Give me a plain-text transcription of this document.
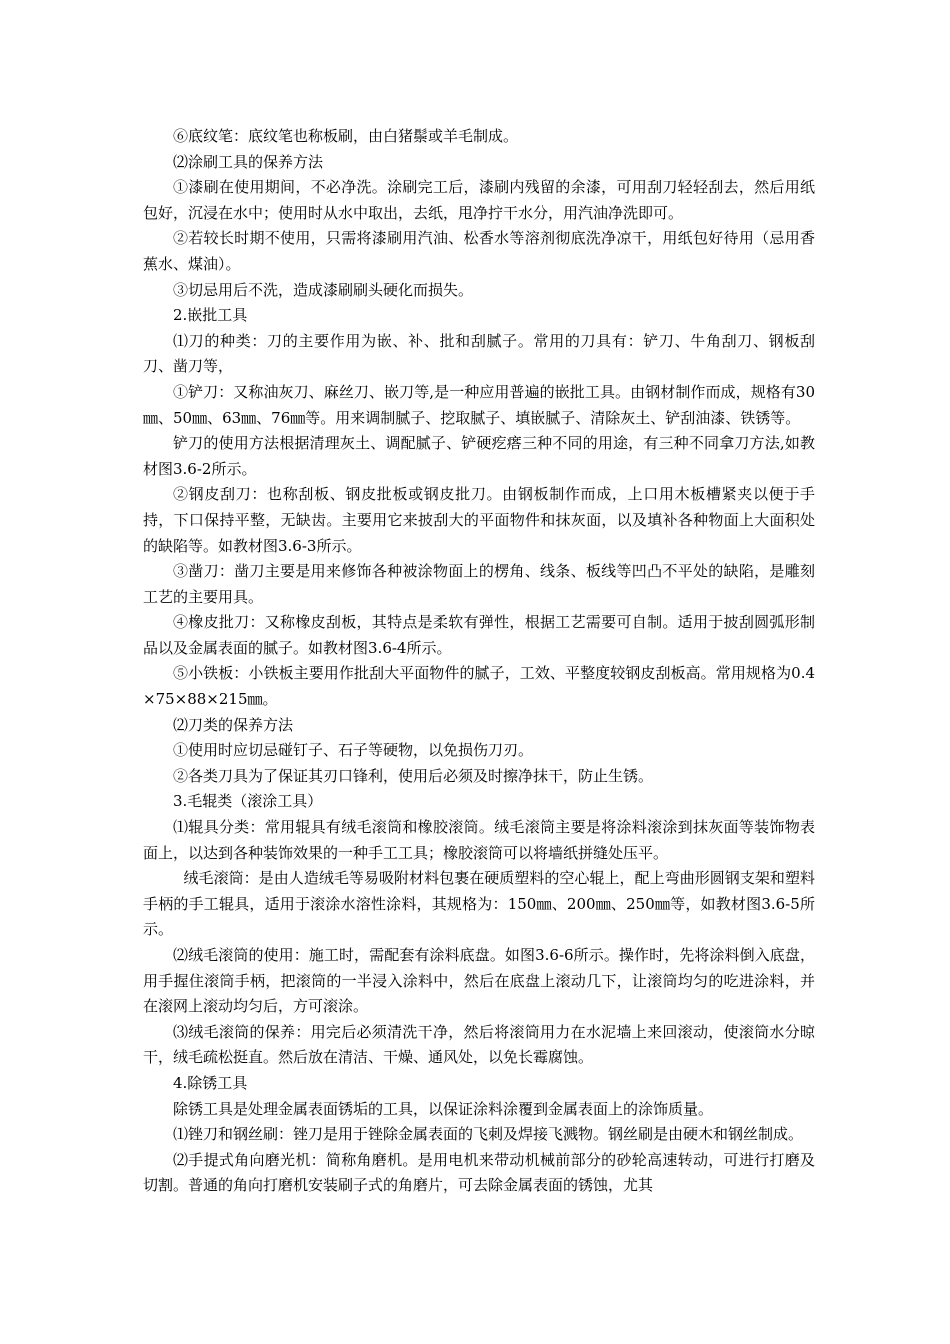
⑥底纹笔：底纹笔也称板刷，由白猪鬃或羊毛制成。

⑵涂刷工具的保养方法

①漆刷在使用期间，不必净洗。涂刷完工后，漆刷内残留的余漆，可用刮刀轻轻刮去，然后用纸包好，沉浸在水中；使用时从水中取出，去纸，甩净拧干水分，用汽油净洗即可。

②若较长时期不使用，只需将漆刷用汽油、松香水等溶剂彻底洗净凉干，用纸包好待用（忌用香蕉水、煤油）。

③切忌用后不洗，造成漆刷刷头硬化而损失。

2.嵌批工具

⑴刀的种类：刀的主要作用为嵌、补、批和刮腻子。常用的刀具有：铲刀、牛角刮刀、钢板刮刀、凿刀等，

①铲刀：又称油灰刀、麻丝刀、嵌刀等,是一种应用普遍的嵌批工具。由钢材制作而成，规格有30㎜、50㎜、63㎜、76㎜等。用来调制腻子、挖取腻子、填嵌腻子、清除灰土、铲刮油漆、铁锈等。

铲刀的使用方法根据清理灰土、调配腻子、铲硬疙瘩三种不同的用途，有三种不同拿刀方法,如教材图3.6-2所示。

②钢皮刮刀：也称刮板、钢皮批板或钢皮批刀。由钢板制作而成，上口用木板槽紧夹以便于手持，下口保持平整，无缺齿。主要用它来披刮大的平面物件和抹灰面，以及填补各种物面上大面积处的缺陷等。如教材图3.6-3所示。

③凿刀：凿刀主要是用来修饰各种被涂物面上的楞角、线条、板线等凹凸不平处的缺陷，是雕刻工艺的主要用具。

④橡皮批刀：又称橡皮刮板，其特点是柔软有弹性，根据工艺需要可自制。适用于披刮圆弧形制品以及金属表面的腻子。如教材图3.6-4所示。

⑤小铁板：小铁板主要用作批刮大平面物件的腻子，工效、平整度较钢皮刮板高。常用规格为0.4×75×88×215㎜。

⑵刀类的保养方法

①使用时应切忌碰钉子、石子等硬物，以免损伤刀刃。

②各类刀具为了保证其刃口锋利，使用后必须及时擦净抹干，防止生锈。

3.毛辊类（滚涂工具）

⑴辊具分类：常用辊具有绒毛滚筒和橡胶滚筒。绒毛滚筒主要是将涂料滚涂到抹灰面等装饰物表面上，以达到各种装饰效果的一种手工工具；橡胶滚筒可以将墙纸拼缝处压平。

绒毛滚筒：是由人造绒毛等易吸附材料包裹在硬质塑料的空心辊上，配上弯曲形圆钢支架和塑料手柄的手工辊具，适用于滚涂水溶性涂料，其规格为：150㎜、200㎜、250㎜等，如教材图3.6-5所示。

⑵绒毛滚筒的使用：施工时，需配套有涂料底盘。如图3.6-6所示。操作时，先将涂料倒入底盘，用手握住滚筒手柄，把滚筒的一半浸入涂料中，然后在底盘上滚动几下，让滚筒均匀的吃进涂料，并在滚网上滚动均匀后，方可滚涂。

⑶绒毛滚筒的保养：用完后必须清洗干净，然后将滚筒用力在水泥墙上来回滚动，使滚筒水分晾干，绒毛疏松挺直。然后放在清洁、干燥、通风处，以免长霉腐蚀。

4.除锈工具

除锈工具是处理金属表面锈垢的工具，以保证涂料涂覆到金属表面上的涂饰质量。

⑴锉刀和钢丝刷：锉刀是用于锉除金属表面的飞刺及焊接飞溅物。钢丝刷是由硬木和钢丝制成。

⑵手提式角向磨光机：简称角磨机。是用电机来带动机械前部分的砂轮高速转动，可进行打磨及切割。普通的角向打磨机安装刷子式的角磨片，可去除金属表面的锈蚀，尤其
